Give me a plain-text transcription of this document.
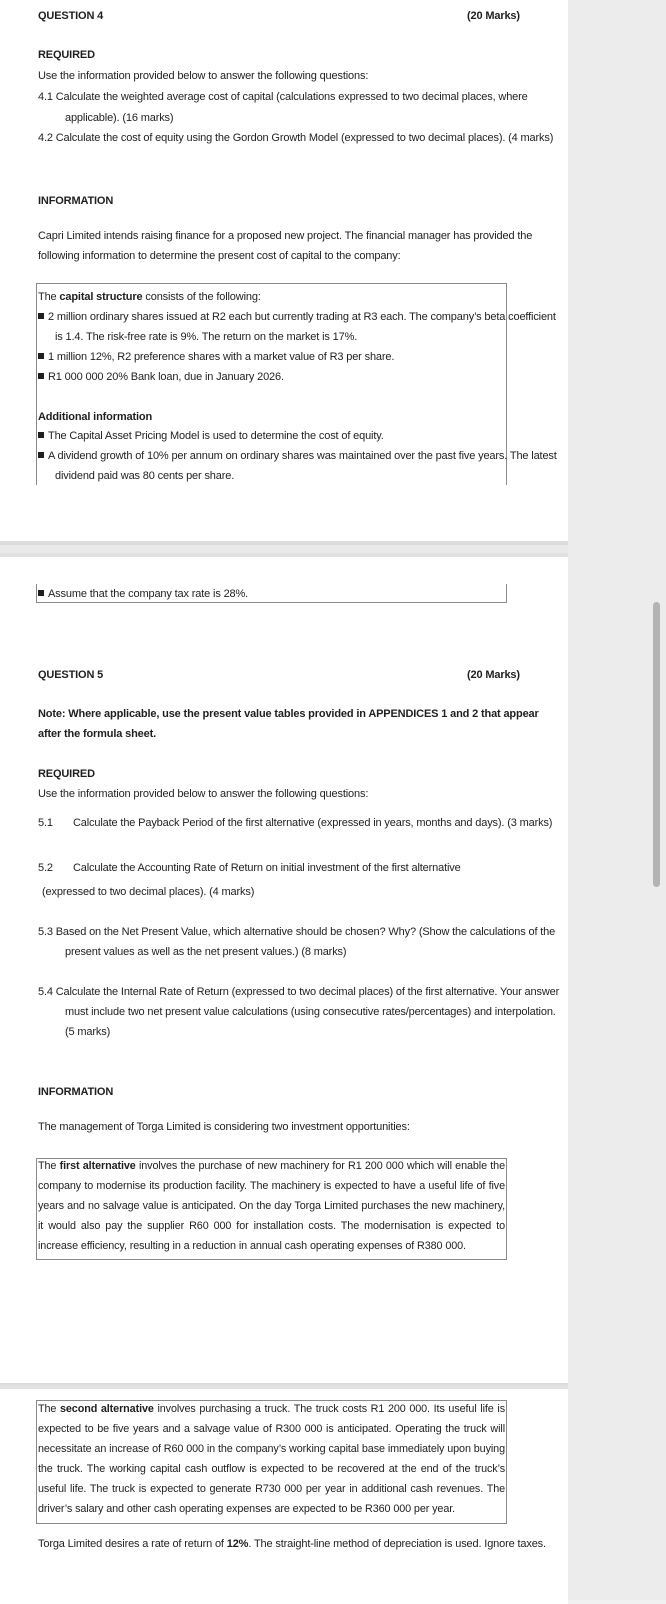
QUESTION 4	(20 Marks)
REQUIRED
Use the information provided below to answer the following questions:
4.1 Calculate the weighted average cost of capital (calculations expressed to two decimal places, where
applicable). (16 marks)
4.2 Calculate the cost of equity using the Gordon Growth Model (expressed to two decimal places). (4 marks)
INFORMATION
Capri Limited intends raising finance for a proposed new project. The financial manager has provided the
following information to determine the present cost of capital to the company:
The capital structure consists of the following:
2 million ordinary shares issued at R2 each but currently trading at R3 each. The company’s beta coefficient
is 1.4. The risk-free rate is 9%. The return on the market is 17%.
1 million 12%, R2 preference shares with a market value of R3 per share.
R1 000 000 20% Bank loan, due in January 2026.
Additional information
The Capital Asset Pricing Model is used to determine the cost of equity.
A dividend growth of 10% per annum on ordinary shares was maintained over the past five years. The latest
dividend paid was 80 cents per share.
Assume that the company tax rate is 28%.
QUESTION 5	(20 Marks)
Note: Where applicable, use the present value tables provided in APPENDICES 1 and 2 that appear
after the formula sheet.
REQUIRED
Use the information provided below to answer the following questions:
5.1 Calculate the Payback Period of the first alternative (expressed in years, months and days). (3 marks)
5.2 Calculate the Accounting Rate of Return on initial investment of the first alternative
(expressed to two decimal places). (4 marks)
5.3 Based on the Net Present Value, which alternative should be chosen? Why? (Show the calculations of the
present values as well as the net present values.) (8 marks)
5.4 Calculate the Internal Rate of Return (expressed to two decimal places) of the first alternative. Your answer
must include two net present value calculations (using consecutive rates/percentages) and interpolation.
(5 marks)
INFORMATION
The management of Torga Limited is considering two investment opportunities:
The first alternative involves the purchase of new machinery for R1 200 000 which will enable the company to modernise its production facility. The machinery is expected to have a useful life of five years and no salvage value is anticipated. On the day Torga Limited purchases the new machinery, it would also pay the supplier R60 000 for installation costs. The modernisation is expected to increase efficiency, resulting in a reduction in annual cash operating expenses of R380 000.
The second alternative involves purchasing a truck. The truck costs R1 200 000. Its useful life is expected to be five years and a salvage value of R300 000 is anticipated. Operating the truck will necessitate an increase of R60 000 in the company’s working capital base immediately upon buying the truck. The working capital cash outflow is expected to be recovered at the end of the truck’s useful life. The truck is expected to generate R730 000 per year in additional cash revenues. The driver’s salary and other cash operating expenses are expected to be R360 000 per year.
Torga Limited desires a rate of return of 12%. The straight-line method of depreciation is used. Ignore taxes.
